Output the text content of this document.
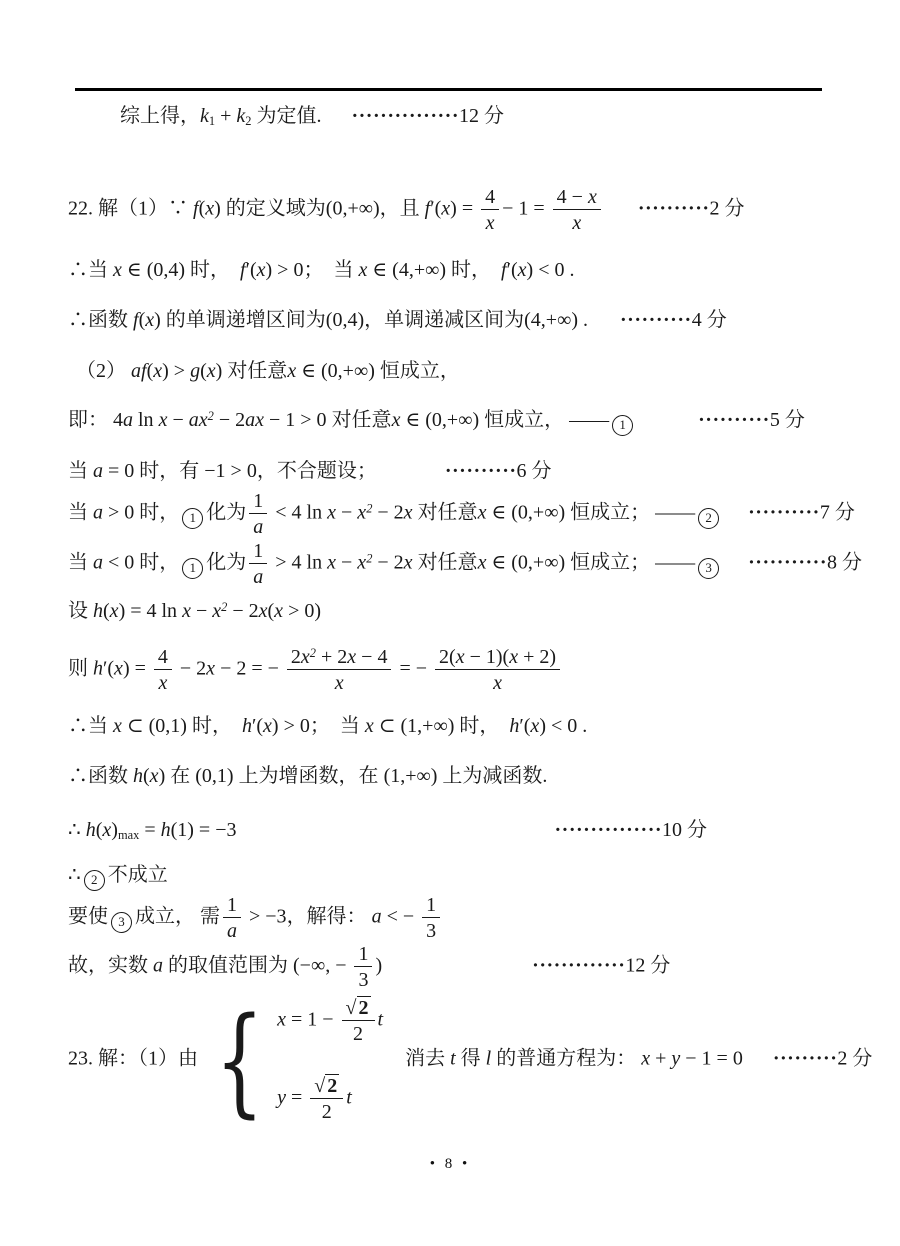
综上得，$k_1 + k_2$ 为定值. ···············12 分
22. 解（1）∵ f(x) 的定义域为(0,+∞)，且 $f'(x) = \frac{4}{x} - 1 = \frac{4 - x}{x} \cdot\cdot\cdot\cdot\cdot\cdot\cdot\cdot\cdot\cdot 2$ 分
∴当 x ∈ (0,4) 时， f′(x) > 0； 当 x ∈ (4,+∞) 时， f′(x) < 0 .
∴函数 f(x) 的单调递增区间为(0,4)，单调递减区间为(4,+∞) . ··········4 分
（2） af(x) > g(x) 对任意x ∈ (0,+∞) 恒成立，
即： 4a $\ln x - ax^2 - 2ax - 1 > 0$ 对任意x ∈ (0,+∞) 恒成立， —— 1	··········5 分
当 a = 0 时，有 −1 > 0，不合题设；	··········6 分
当 a > 0 时， 1 化为 $\frac{1}{a} < 4$ $\ln x - x^2 - 2x$ 对任意x ∈ (0,+∞) 恒成立； —— 2 ··········7 分
当 a < 0 时， 1 化为 $\frac{1}{a} > 4$ $\ln x - x^2 - 2x$ 对任意x ∈ (0,+∞) 恒成立； —— 3 ···········8 分
设 h(x) = 4 $\ln x - x^2 - 2x(x > 0)$
则 $h'(x) = \frac{4}{x} - 2x - 2$ = − $\frac{2x^2 + 2x - 4}{x}$ = − $\frac{2(x - 1)(x + 2)}{x}$
∴当 x ⊂ (0,1) 时， h′(x) > 0； 当 x ⊂ (1,+∞) 时， h′(x) < 0 .
∴函数 h(x) 在 (0,1) 上为增函数，在 (1,+∞) 上为减函数.
∴ $h(x)_{max} = h(1) = -3$	···············10 分
∴ 2 不成立
要使 3 成立， 需 $\frac{1}{a} > -3$，解得： a < − $\frac{1}{3}$
故，实数 a 的取值范围为 (−∞, − $\frac{1}{3}$ )	·············12 分
23. 解：（1）由 { $x = 1 - \frac{√ 2}{2}$ t
$y = \frac{√ 2}{2}$ t
消去 t 得 l 的普通方程为： x + y − 1 = 0 ·········2 分
• 8 •
